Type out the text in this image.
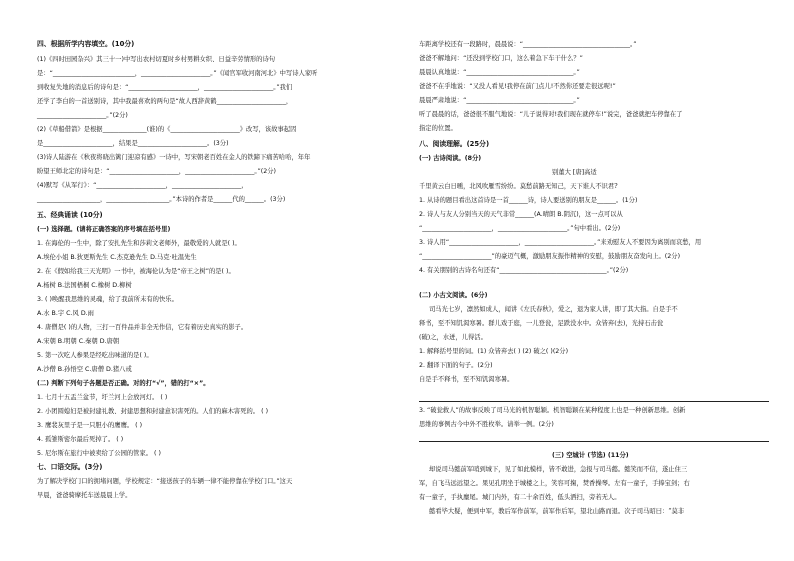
四、根据所学内容填空。(10分)
(1)《四时田园杂兴》其三十一)中写出农村切夏时乡村男耕女织、日益辛劳情形的诗句
是：“__________________________，______________________。”《闻官军收河南河北》中写诗人家听
到收复失地的消息后的诗句是：“______________________，______________________。”我们
还学了李白的一首送别诗，其中我最喜欢的两句是“故人西辞黄鹤______________________，
______________________。”(2分)
(2)《草船借箭》是根据______________(谁)的《______________________》改写，该故事起因
是______________________，结果是______________________。(3分)
(3)诗人陆游在《秋夜将晓出篱门迎凉有感》一诗中，写宋朝老百姓在金人的铁蹄下痛苦哈哈，年年
盼望王师北定的诗句是：“______________________，______________________。”(2分)
(4)默写《从军行》：“______________________，______________________，
____________________，____________________。”本诗的作者是______代的______。(3分)
五、经典诵读 (10分)
(一) 选择题。(请将正确答案的序号填在括号里)
1. 在海伦的一生中，除了安扎先生和莎莉文老师外，最敬爱的人就是( )。
A.埃伦小姐 B.狄更斯先生 C.杰克逊先生 D.马克·吐温先生
2. 在《假如给我三天光明》一书中，被海伦认为是“帝王之树”的是( )。
A.杨树 B.法国梧桐 C.橡树 D.柳树
3. ( )唤醒我思维的灵魂，给了我前所未有的快乐。
A.水 B.宇 C.风 D.雨
4. 唐僧是( )的人物，三打一百件品并非全无作信，它有着历史真实的影子。
A.宋朝 B.明朝 C.秦朝 D.唐朝
5. 第一次吃人参果是经吃出味道的是( )。
A.沙僧 B.孙悟空 C.唐僧 D.猪八戒
(二) 判断下列句子各题是否正确。对的打“√”，错的打“×”。
1. 七月十五盂兰盆节，圩兰河上会放河灯。 ( )
2. 小团圆媳妇是被封建礼教、封建思想和封建意识害死的。人们的麻木害死的。 ( )
3. 鹰裴灰里子是一只胆小的鹰鹰。 ( )
4. 孤雏斯密尔最后死掉了。 ( )
5. 尼尔斯在旅行中被卖给了公园的管家。 ( )
七、口语交际。(3分)
为了解决学校门口的拥堵问题，学校规定：“接送孩子的车辆一律不能停靠在学校门口。”这天
早晨，爸爸骑摩托车送晨晨上学。
车距离学校还有一段路时，晨晨说：“__________________________________。”
爸爸不解地问：“还没到学校门口，这么着急下车干什么？”
晨晨认真地说：“__________________________________。”
爸爸不在乎地说：“又没人看见!我停在前门点儿!不然你还要走很远呢!”
晨晨严肃地说：“__________________________________。”
听了晨晨的话，爸爸很不服气地说：“儿子说得对!我们现在就停车!”说完，爸爸就把车停靠在了
指定的位置。
八、阅读理解。(25分)
(一) 古诗阅读。(8分)
别董大 [唐]高适
千里黄云白日曛，北风吹雁雪纷纷。莫愁前路无知己，天下谁人不识君?
1. 从诗的题目看出这首诗是一首______诗，诗人要送别的朋友是______。(1分)
2. 诗人与友人分别当天的天气非常______(A.晴朗 B.阴沉)，这一点可以从
“______________________，______________________。”句中看出。(2分)
3. 诗人用“______________________，______________________。”来劝慰友人不要因为离别而哀愁，用
“______________________”的豪迈气概，激励朋友振作精神的安慰，鼓励朋友奋发向上。(2分)
4. 有关朋别的古诗名句还有“__________________________________。”(2分)
(二) 小古文阅读。(6分)
司马光七岁，凛然如成人，闻讲《左氏春秋》，爱之，退为家人讲，即了其大指。自是手不
释书，至不知饥渴寒暑。群儿戏于庭，一儿登瓮，足跌没水中。众皆弃(去)，光持石击瓮
(破)之，水迸，儿得活。
1. 解释括号里的词。(1) 众皆弃去( ) (2) 破之( )(2分)
2. 翻译下面的句子。(2分)
自是手不释书，至不知饥渴寒暑。
3. “破瓮救人”的故事反映了司马光的机智聪颖。机智聪颖在某种程度上也是一种创新思维。创新
思维的事例古今中外不胜枚举。请举一例。(2分)
(三) 空城计 (节选) (11分)
却说司马懿前军哨到城下，见了如此模样，皆不敢进，急报与司马懿。懿笑而不信，遂止住三
军，自飞马远远望之。果见孔明坐于城楼之上，笑容可掬，焚香操琴。左有一童子，手捧宝剑；右
有一童子，手执麈尾。城门内外，有二十余百姓，低头洒扫，旁若无人。
懿看毕大疑，便到中军，教后军作前军，前军作后军，望北山路而退。次子司马昭曰：“莫非
